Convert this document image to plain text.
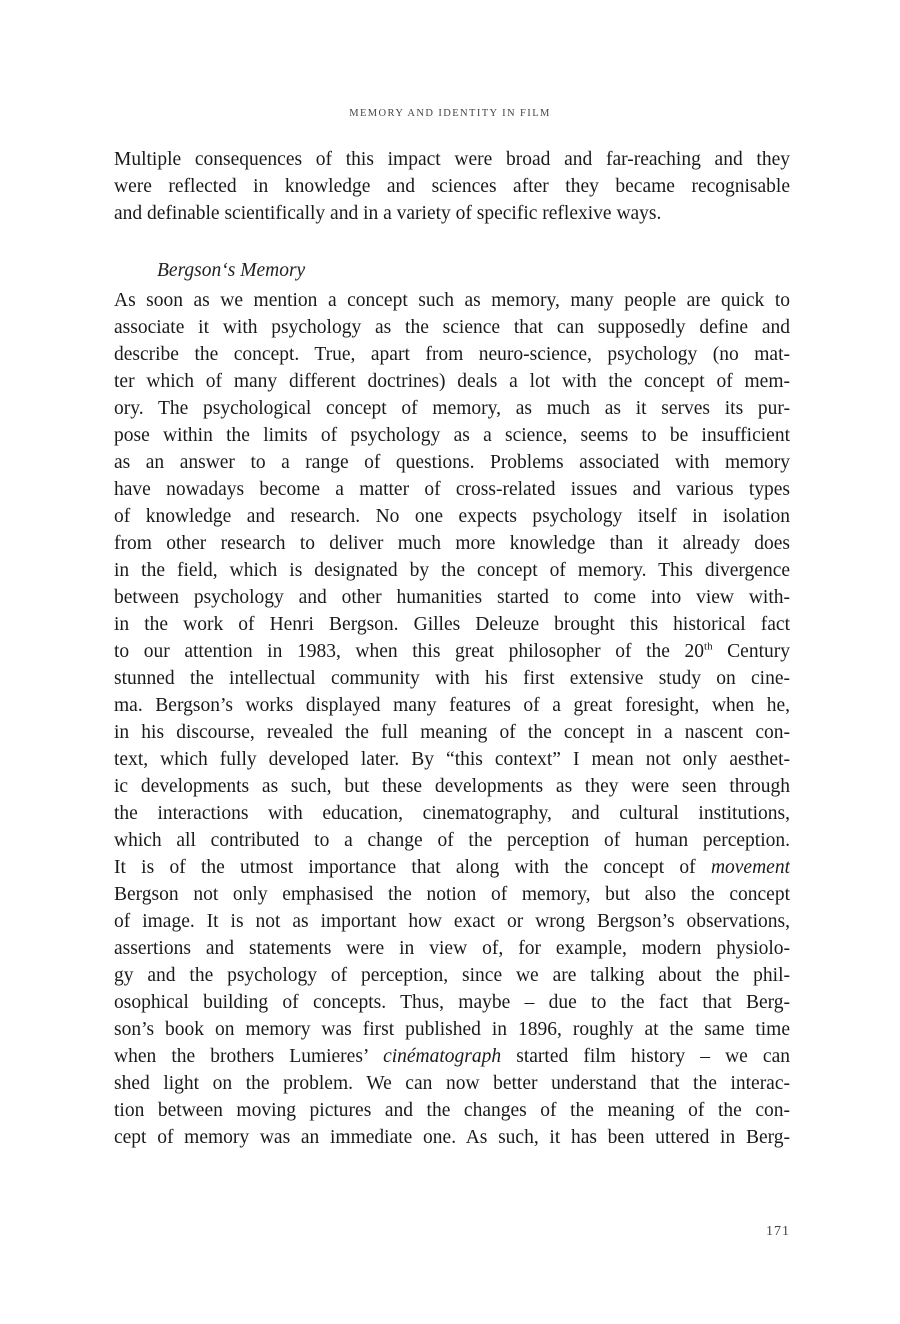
MEMORY AND IDENTITY IN FILM
Multiple consequences of this impact were broad and far-reaching and they
were reflected in knowledge and sciences after they became recognisable
and definable scientifically and in a variety of specific reflexive ways.
Bergson‘s Memory
As soon as we mention a concept such as memory, many people are quick to
associate it with psychology as the science that can supposedly define and
describe the concept. True, apart from neuro-science, psychology (no mat-
ter which of many different doctrines) deals a lot with the concept of mem-
ory. The psychological concept of memory, as much as it serves its pur-
pose within the limits of psychology as a science, seems to be insufficient
as an answer to a range of questions. Problems associated with memory
have nowadays become a matter of cross-related issues and various types
of knowledge and research. No one expects psychology itself in isolation
from other research to deliver much more knowledge than it already does
in the field, which is designated by the concept of memory. This divergence
between psychology and other humanities started to come into view with-
in the work of Henri Bergson. Gilles Deleuze brought this historical fact
to our attention in 1983, when this great philosopher of the 20th Century
stunned the intellectual community with his first extensive study on cine-
ma. Bergson’s works displayed many features of a great foresight, when he,
in his discourse, revealed the full meaning of the concept in a nascent con-
text, which fully developed later. By “this context” I mean not only aesthet-
ic developments as such, but these developments as they were seen through
the interactions with education, cinematography, and cultural institutions,
which all contributed to a change of the perception of human perception.
It is of the utmost importance that along with the concept of movement
Bergson not only emphasised the notion of memory, but also the concept
of image. It is not as important how exact or wrong Bergson’s observations,
assertions and statements were in view of, for example, modern physiolo-
gy and the psychology of perception, since we are talking about the phil-
osophical building of concepts. Thus, maybe – due to the fact that Berg-
son’s book on memory was first published in 1896, roughly at the same time
when the brothers Lumieres’ cinématograph started film history – we can
shed light on the problem. We can now better understand that the interac-
tion between moving pictures and the changes of the meaning of the con-
cept of memory was an immediate one. As such, it has been uttered in Berg-
171
